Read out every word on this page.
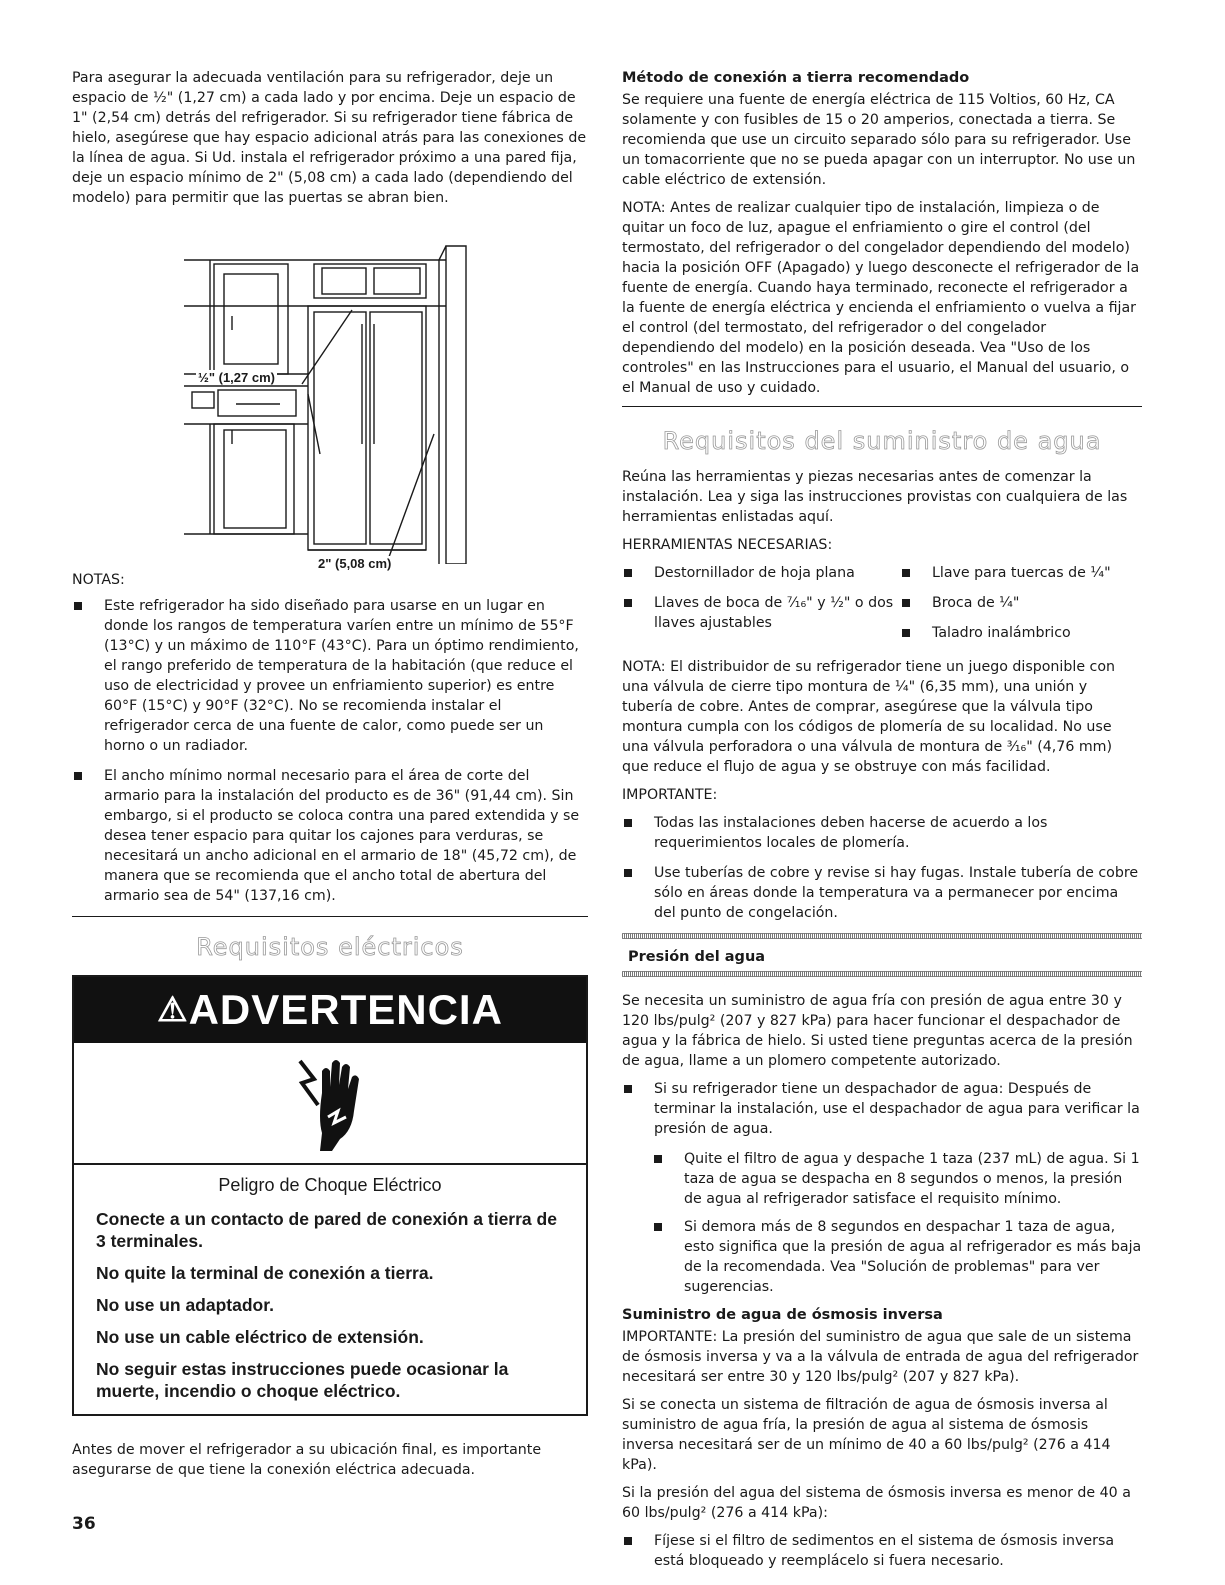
Para asegurar la adecuada ventilación para su refrigerador, deje un espacio de ½" (1,27 cm) a cada lado y por encima. Deje un espacio de 1" (2,54 cm) detrás del refrigerador. Si su refrigerador tiene fábrica de hielo, asegúrese que hay espacio adicional atrás para las conexiones de la línea de agua. Si Ud. instala el refrigerador próximo a una pared fija, deje un espacio mínimo de 2" (5,08 cm) a cada lado (dependiendo del modelo) para permitir que las puertas se abran bien.

½" (1,27 cm)
2" (5,08 cm)

NOTAS:

Este refrigerador ha sido diseñado para usarse en un lugar en donde los rangos de temperatura varíen entre un mínimo de 55°F (13°C) y un máximo de 110°F (43°C). Para un óptimo rendimiento, el rango preferido de temperatura de la habitación (que reduce el uso de electricidad y provee un enfriamiento superior) es entre 60°F (15°C) y 90°F (32°C). No se recomienda instalar el refrigerador cerca de una fuente de calor, como puede ser un horno o un radiador.
El ancho mínimo normal necesario para el área de corte del armario para la instalación del producto es de 36" (91,44 cm). Sin embargo, si el producto se coloca contra una pared extendida y se desea tener espacio para quitar los cajones para verduras, se necesitará un ancho adicional en el armario de 18" (45,72 cm), de manera que se recomienda que el ancho total de abertura del armario sea de 54" (137,16 cm).
Requisitos eléctricos
⚠ADVERTENCIA
Peligro de Choque Eléctrico

Conecte a un contacto de pared de conexión a tierra de 3 terminales.

No quite la terminal de conexión a tierra.

No use un adaptador.

No use un cable eléctrico de extensión.

No seguir estas instrucciones puede ocasionar la muerte, incendio o choque eléctrico.

Antes de mover el refrigerador a su ubicación final, es importante asegurarse de que tiene la conexión eléctrica adecuada.

Método de conexión a tierra recomendado

Se requiere una fuente de energía eléctrica de 115 Voltios, 60 Hz, CA solamente y con fusibles de 15 o 20 amperios, conectada a tierra. Se recomienda que use un circuito separado sólo para su refrigerador. Use un tomacorriente que no se pueda apagar con un interruptor. No use un cable eléctrico de extensión.

NOTA: Antes de realizar cualquier tipo de instalación, limpieza o de quitar un foco de luz, apague el enfriamiento o gire el control (del termostato, del refrigerador o del congelador dependiendo del modelo) hacia la posición OFF (Apagado) y luego desconecte el refrigerador de la fuente de energía. Cuando haya terminado, reconecte el refrigerador a la fuente de energía eléctrica y encienda el enfriamiento o vuelva a fijar el control (del termostato, del refrigerador o del congelador dependiendo del modelo) en la posición deseada. Vea "Uso de los controles" en las Instrucciones para el usuario, el Manual del usuario, o el Manual de uso y cuidado.

Requisitos del suministro de agua

Reúna las herramientas y piezas necesarias antes de comenzar la instalación. Lea y siga las instrucciones provistas con cualquiera de las herramientas enlistadas aquí.

HERRAMIENTAS NECESARIAS:

Destornillador de hoja plana
Llaves de boca de ⁷⁄₁₆" y ½" o dos llaves ajustables
Llave para tuercas de ¼"
Broca de ¼"
Taladro inalámbrico

NOTA: El distribuidor de su refrigerador tiene un juego disponible con una válvula de cierre tipo montura de ¼" (6,35 mm), una unión y tubería de cobre. Antes de comprar, asegúrese que la válvula tipo montura cumpla con los códigos de plomería de su localidad. No use una válvula perforadora o una válvula de montura de ³⁄₁₆" (4,76 mm) que reduce el flujo de agua y se obstruye con más facilidad.

IMPORTANTE:

Todas las instalaciones deben hacerse de acuerdo a los requerimientos locales de plomería.
Use tuberías de cobre y revise si hay fugas. Instale tubería de cobre sólo en áreas donde la temperatura va a permanecer por encima del punto de congelación.

Presión del agua

Se necesita un suministro de agua fría con presión de agua entre 30 y 120 lbs/pulg² (207 y 827 kPa) para hacer funcionar el despachador de agua y la fábrica de hielo. Si usted tiene preguntas acerca de la presión de agua, llame a un plomero competente autorizado.

Si su refrigerador tiene un despachador de agua: Después de terminar la instalación, use el despachador de agua para verificar la presión de agua.
Quite el filtro de agua y despache 1 taza (237 mL) de agua. Si 1 taza de agua se despacha en 8 segundos o menos, la presión de agua al refrigerador satisface el requisito mínimo.
Si demora más de 8 segundos en despachar 1 taza de agua, esto significa que la presión de agua al refrigerador es más baja de la recomendada. Vea "Solución de problemas" para ver sugerencias.

Suministro de agua de ósmosis inversa

IMPORTANTE: La presión del suministro de agua que sale de un sistema de ósmosis inversa y va a la válvula de entrada de agua del refrigerador necesitará ser entre 30 y 120 lbs/pulg² (207 y 827 kPa).

Si se conecta un sistema de filtración de agua de ósmosis inversa al suministro de agua fría, la presión de agua al sistema de ósmosis inversa necesitará ser de un mínimo de 40 a 60 lbs/pulg² (276 a 414 kPa).

Si la presión del agua del sistema de ósmosis inversa es menor de 40 a 60 lbs/pulg² (276 a 414 kPa):

Fíjese si el filtro de sedimentos en el sistema de ósmosis inversa está bloqueado y reemplácelo si fuera necesario.
36
